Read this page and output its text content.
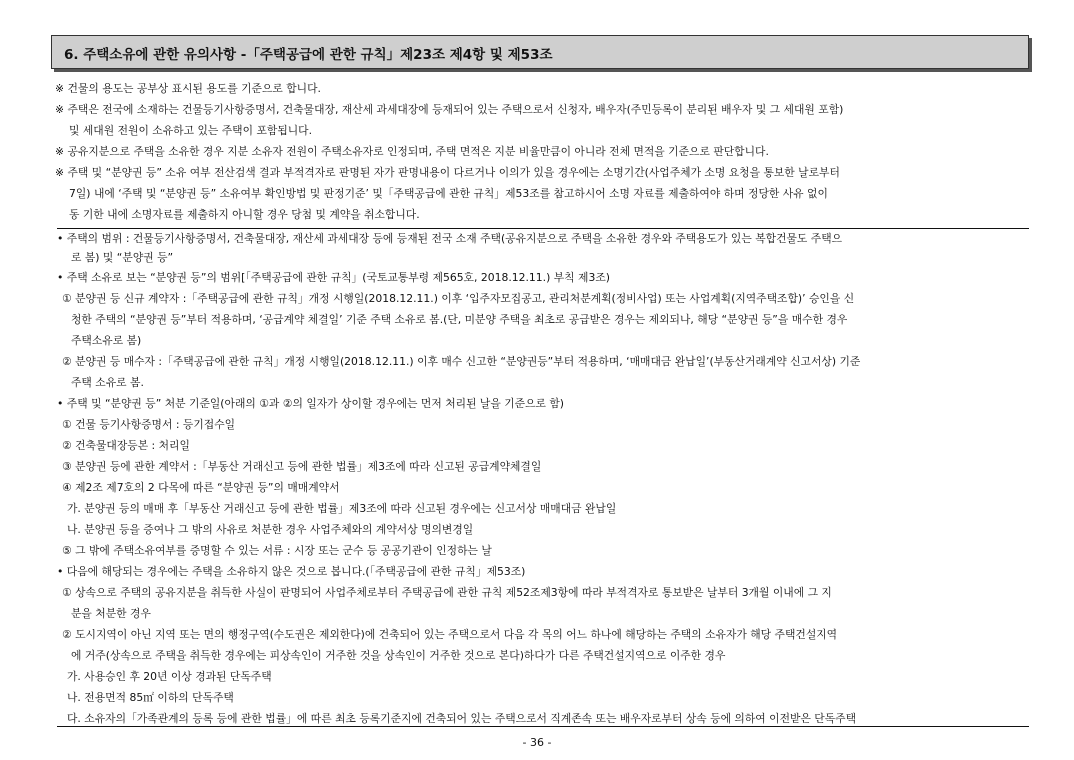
6. 주택소유에 관한 유의사항 -「주택공급에 관한 규칙」제23조 제4항 및 제53조
※ 건물의 용도는 공부상 표시된 용도를 기준으로 합니다.
※ 주택은 전국에 소재하는 건물등기사항증명서, 건축물대장, 재산세 과세대장에 등재되어 있는 주택으로서 신청자, 배우자(주민등록이 분리된 배우자 및 그 세대원 포함)
및 세대원 전원이 소유하고 있는 주택이 포함됩니다.
※ 공유지분으로 주택을 소유한 경우 지분 소유자 전원이 주택소유자로 인정되며, 주택 면적은 지분 비율만큼이 아니라 전체 면적을 기준으로 판단합니다.
※ 주택 및 “분양권 등” 소유 여부 전산검색 결과 부적격자로 판명된 자가 판명내용이 다르거나 이의가 있을 경우에는 소명기간(사업주체가 소명 요청을 통보한 날로부터
7일) 내에 ‘주택 및 “분양권 등” 소유여부 확인방법 및 판정기준’ 및「주택공급에 관한 규칙」제53조를 참고하시어 소명 자료를 제출하여야 하며 정당한 사유 없이
동 기한 내에 소명자료를 제출하지 아니할 경우 당첨 및 계약을 취소합니다.
• 주택의 범위 : 건물등기사항증명서, 건축물대장, 재산세 과세대장 등에 등재된 전국 소재 주택(공유지분으로 주택을 소유한 경우와 주택용도가 있는 복합건물도 주택으
로 봄) 및 “분양권 등”
• 주택 소유로 보는 “분양권 등”의 범위[「주택공급에 관한 규칙」(국토교통부령 제565호, 2018.12.11.) 부칙 제3조)
① 분양권 등 신규 계약자 :「주택공급에 관한 규칙」개정 시행일(2018.12.11.) 이후 ‘입주자모집공고, 관리처분계획(정비사업) 또는 사업계획(지역주택조합)’ 승인을 신
청한 주택의 “분양권 등”부터 적용하며, ‘공급계약 체결일’ 기준 주택 소유로 봄.(단, 미분양 주택을 최초로 공급받은 경우는 제외되나, 해당 “분양권 등”을 매수한 경우
주택소유로 봄)
② 분양권 등 매수자 :「주택공급에 관한 규칙」개정 시행일(2018.12.11.) 이후 매수 신고한 “분양권등”부터 적용하며, ‘매매대금 완납일’(부동산거래계약 신고서상) 기준
주택 소유로 봄.
• 주택 및 “분양권 등” 처분 기준일(아래의 ①과 ②의 일자가 상이할 경우에는 먼저 처리된 날을 기준으로 함)
① 건물 등기사항증명서 : 등기접수일
② 건축물대장등본 : 처리일
③ 분양권 등에 관한 계약서 :「부동산 거래신고 등에 관한 법률」제3조에 따라 신고된 공급계약체결일
④ 제2조 제7호의 2 다목에 따른 “분양권 등”의 매매계약서
가. 분양권 등의 매매 후「부동산 거래신고 등에 관한 법률」제3조에 따라 신고된 경우에는 신고서상 매매대금 완납일
나. 분양권 등을 증여나 그 밖의 사유로 처분한 경우 사업주체와의 계약서상 명의변경일
⑤ 그 밖에 주택소유여부를 증명할 수 있는 서류 : 시장 또는 군수 등 공공기관이 인정하는 날
• 다음에 해당되는 경우에는 주택을 소유하지 않은 것으로 봅니다.(「주택공급에 관한 규칙」제53조)
① 상속으로 주택의 공유지분을 취득한 사실이 판명되어 사업주체로부터 주택공급에 관한 규칙 제52조제3항에 따라 부적격자로 통보받은 날부터 3개월 이내에 그 지
분을 처분한 경우
② 도시지역이 아닌 지역 또는 면의 행정구역(수도권은 제외한다)에 건축되어 있는 주택으로서 다음 각 목의 어느 하나에 해당하는 주택의 소유자가 해당 주택건설지역
에 거주(상속으로 주택을 취득한 경우에는 피상속인이 거주한 것을 상속인이 거주한 것으로 본다)하다가 다른 주택건설지역으로 이주한 경우
가. 사용승인 후 20년 이상 경과된 단독주택
나. 전용면적 85㎡ 이하의 단독주택
다. 소유자의「가족관계의 등록 등에 관한 법률」에 따른 최초 등록기준지에 건축되어 있는 주택으로서 직계존속 또는 배우자로부터 상속 등에 의하여 이전받은 단독주택
- 36 -
